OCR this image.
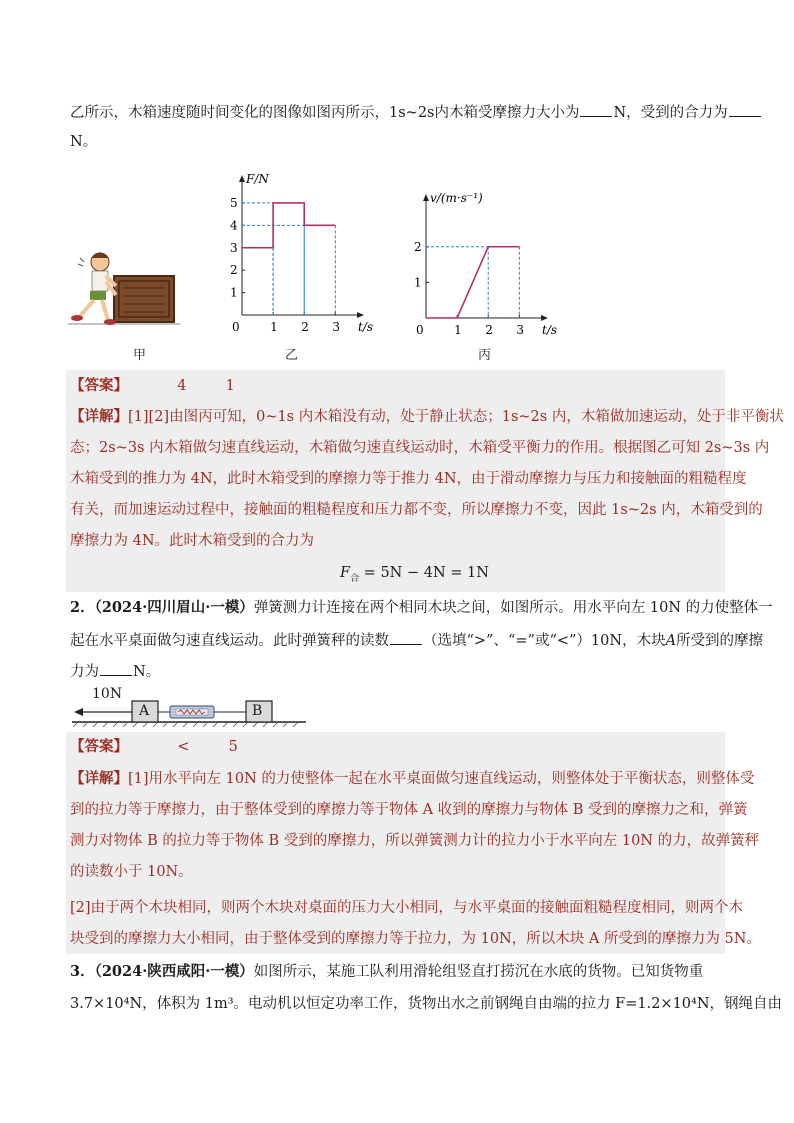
乙所示，木箱速度随时间变化的图像如图丙所示，1s~2s内木箱受摩擦力大小为 N，受到的合力为
N。
甲
t/s
F/N
0	1 2 3
1
2
3
4
5
乙
t/s
v/(m·s⁻¹)
0	1 2 3
1
2
丙
【答案】	4	1
【详解】[1][2]由图丙可知，0~1s 内木箱没有动，处于静止状态；1s~2s 内，木箱做加速运动，处于非平衡状
态；2s~3s 内木箱做匀速直线运动，木箱做匀速直线运动时，木箱受平衡力的作用。根据图乙可知 2s~3s 内
木箱受到的推力为 4N，此时木箱受到的摩擦力等于推力 4N，由于滑动摩擦力与压力和接触面的粗糙程度
有关，而加速运动过程中，接触面的粗糙程度和压力都不变，所以摩擦力不变，因此 1s~2s 内，木箱受到的
摩擦力为 4N。此时木箱受到的合力为
$F_合 = 5N - 4N = 1N$
2．（2024·四川眉山·一模）弹簧测力计连接在两个相同木块之间，如图所示。用水平向左 10N 的力使整体一
起在水平桌面做匀速直线运动。此时弹簧秤的读数 （选填“>”、“=”或“<”）10N，木块A所受到的摩擦
力为 N。
10N
A	B
【答案】	<	5
【详解】[1]用水平向左 10N 的力使整体一起在水平桌面做匀速直线运动，则整体处于平衡状态，则整体受
到的拉力等于摩擦力，由于整体受到的摩擦力等于物体 A 收到的摩擦力与物体 B 受到的摩擦力之和，弹簧
测力对物体 B 的拉力等于物体 B 受到的摩擦力，所以弹簧测力计的拉力小于水平向左 10N 的力，故弹簧秤
的读数小于 10N。
[2]由于两个木块相同，则两个木块对桌面的压力大小相同，与水平桌面的接触面粗糙程度相同，则两个木
块受到的摩擦力大小相同，由于整体受到的摩擦力等于拉力，为 10N，所以木块 A 所受到的摩擦力为 5N。
3．（2024·陕西咸阳·一模）如图所示，某施工队利用滑轮组竖直打捞沉在水底的货物。已知货物重
3.7×10⁴N，体积为 1m³。电动机以恒定功率工作，货物出水之前钢绳自由端的拉力 F=1.2×10⁴N，钢绳自由
